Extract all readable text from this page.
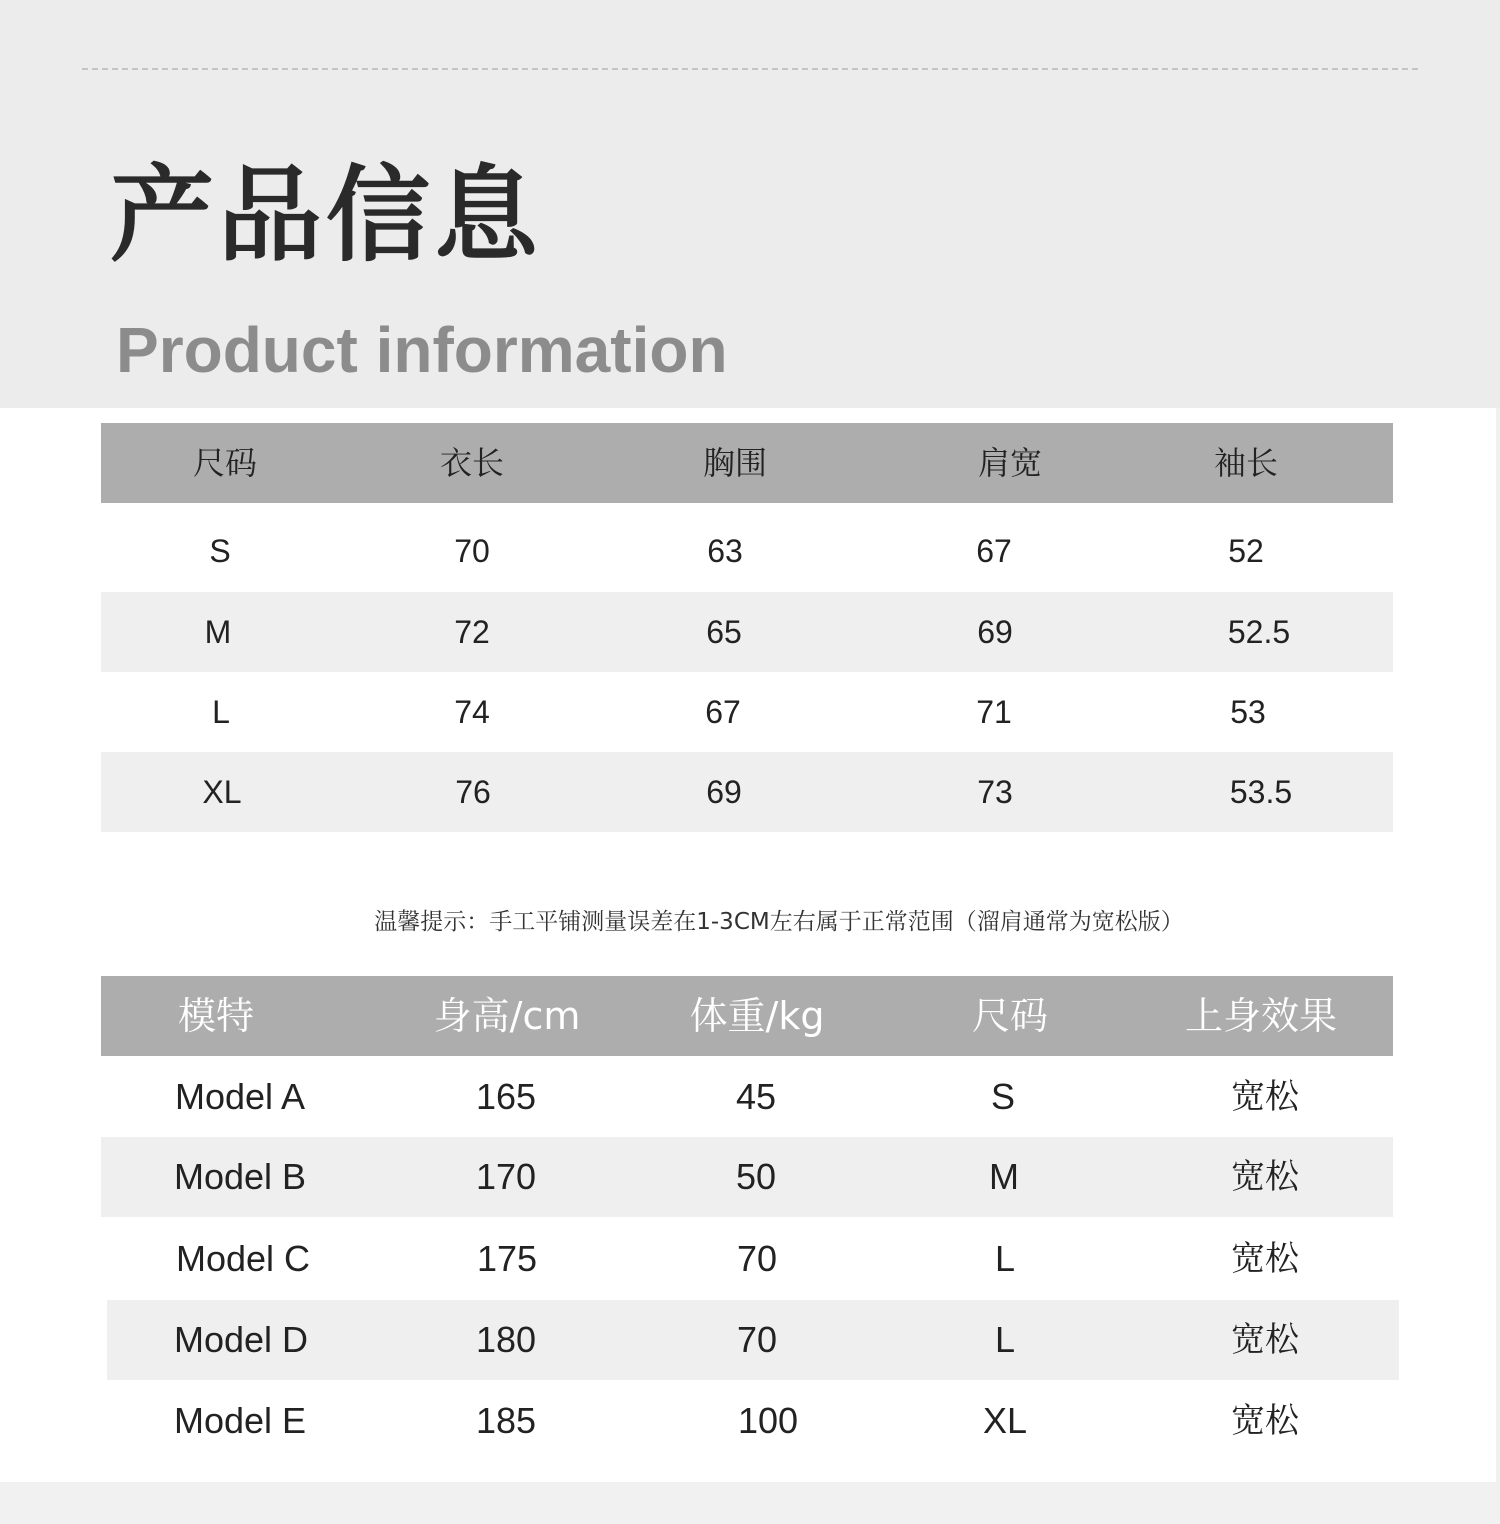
产品信息
Product information
尺码	衣长	胸围	肩宽	袖长
S	70	63	67	52
M	72	65	69	52.5
L	74	67	71	53
XL	76	69	73	53.5

温馨提示：手工平铺测量误差在1-3CM左右属于正常范围（溜肩通常为宽松版）

模特	身高/cm	体重/kg	尺码	上身效果
Model A	165	45	S	宽松
Model B	170	50	M	宽松
Model C	175	70	L	宽松
Model D	180	70	L	宽松
Model E	185	100	XL	宽松
